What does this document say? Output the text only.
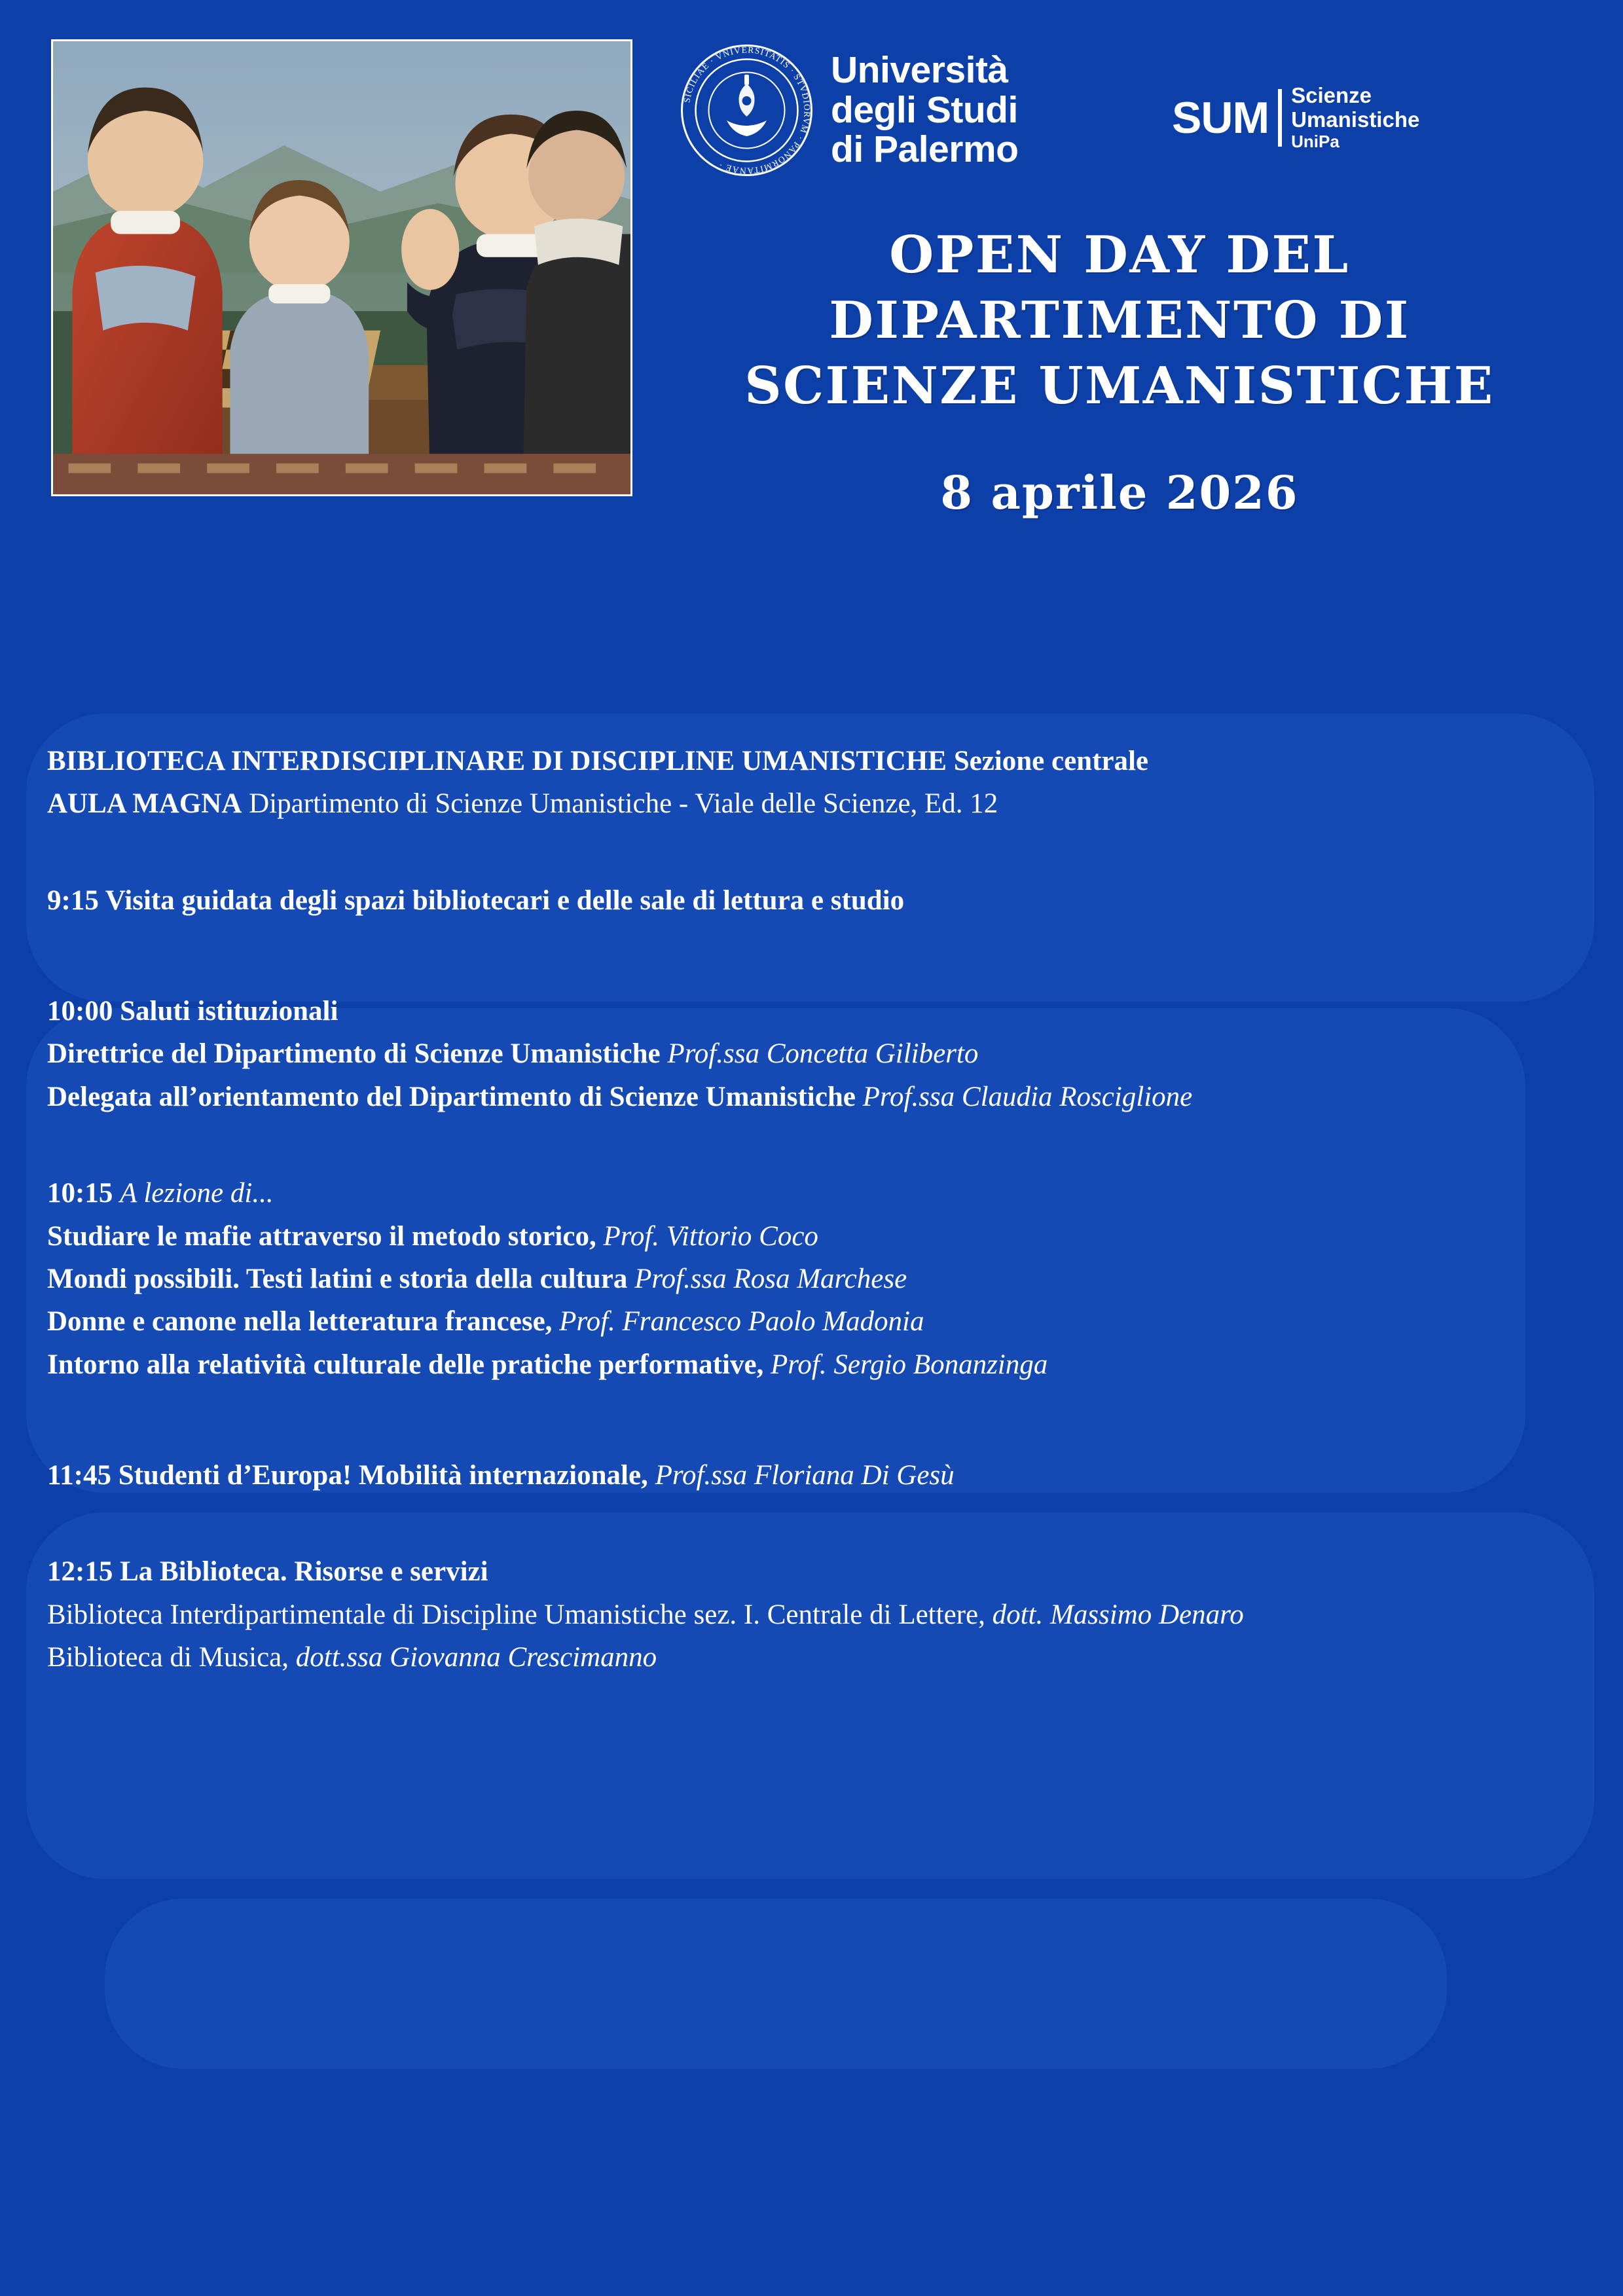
SICILIAE · VNIVERSITATIS · STVDIORVM · PANORMITANAE ·
Università
degli Studi
di Palermo
SUM Scienze
Umanistiche
UniPa
OPEN DAY DEL
DIPARTIMENTO DI
SCIENZE UMANISTICHE
8 aprile 2026
BIBLIOTECA INTERDISCIPLINARE DI DISCIPLINE UMANISTICHE Sezione centrale
AULA MAGNA Dipartimento di Scienze Umanistiche - Viale delle Scienze, Ed. 12
9:15 Visita guidata degli spazi bibliotecari e delle sale di lettura e studio
10:00 Saluti istituzionali
Direttrice del Dipartimento di Scienze Umanistiche Prof.ssa Concetta Giliberto
Delegata all’orientamento del Dipartimento di Scienze Umanistiche Prof.ssa Claudia Rosciglione
10:15 A lezione di...
Studiare le mafie attraverso il metodo storico, Prof. Vittorio Coco
Mondi possibili. Testi latini e storia della cultura Prof.ssa Rosa Marchese
Donne e canone nella letteratura francese, Prof. Francesco Paolo Madonia
Intorno alla relatività culturale delle pratiche performative, Prof. Sergio Bonanzinga
11:45 Studenti d’Europa! Mobilità internazionale, Prof.ssa Floriana Di Gesù
12:15 La Biblioteca. Risorse e servizi
Biblioteca Interdipartimentale di Discipline Umanistiche sez. I. Centrale di Lettere, dott. Massimo Denaro
Biblioteca di Musica, dott.ssa Giovanna Crescimanno
